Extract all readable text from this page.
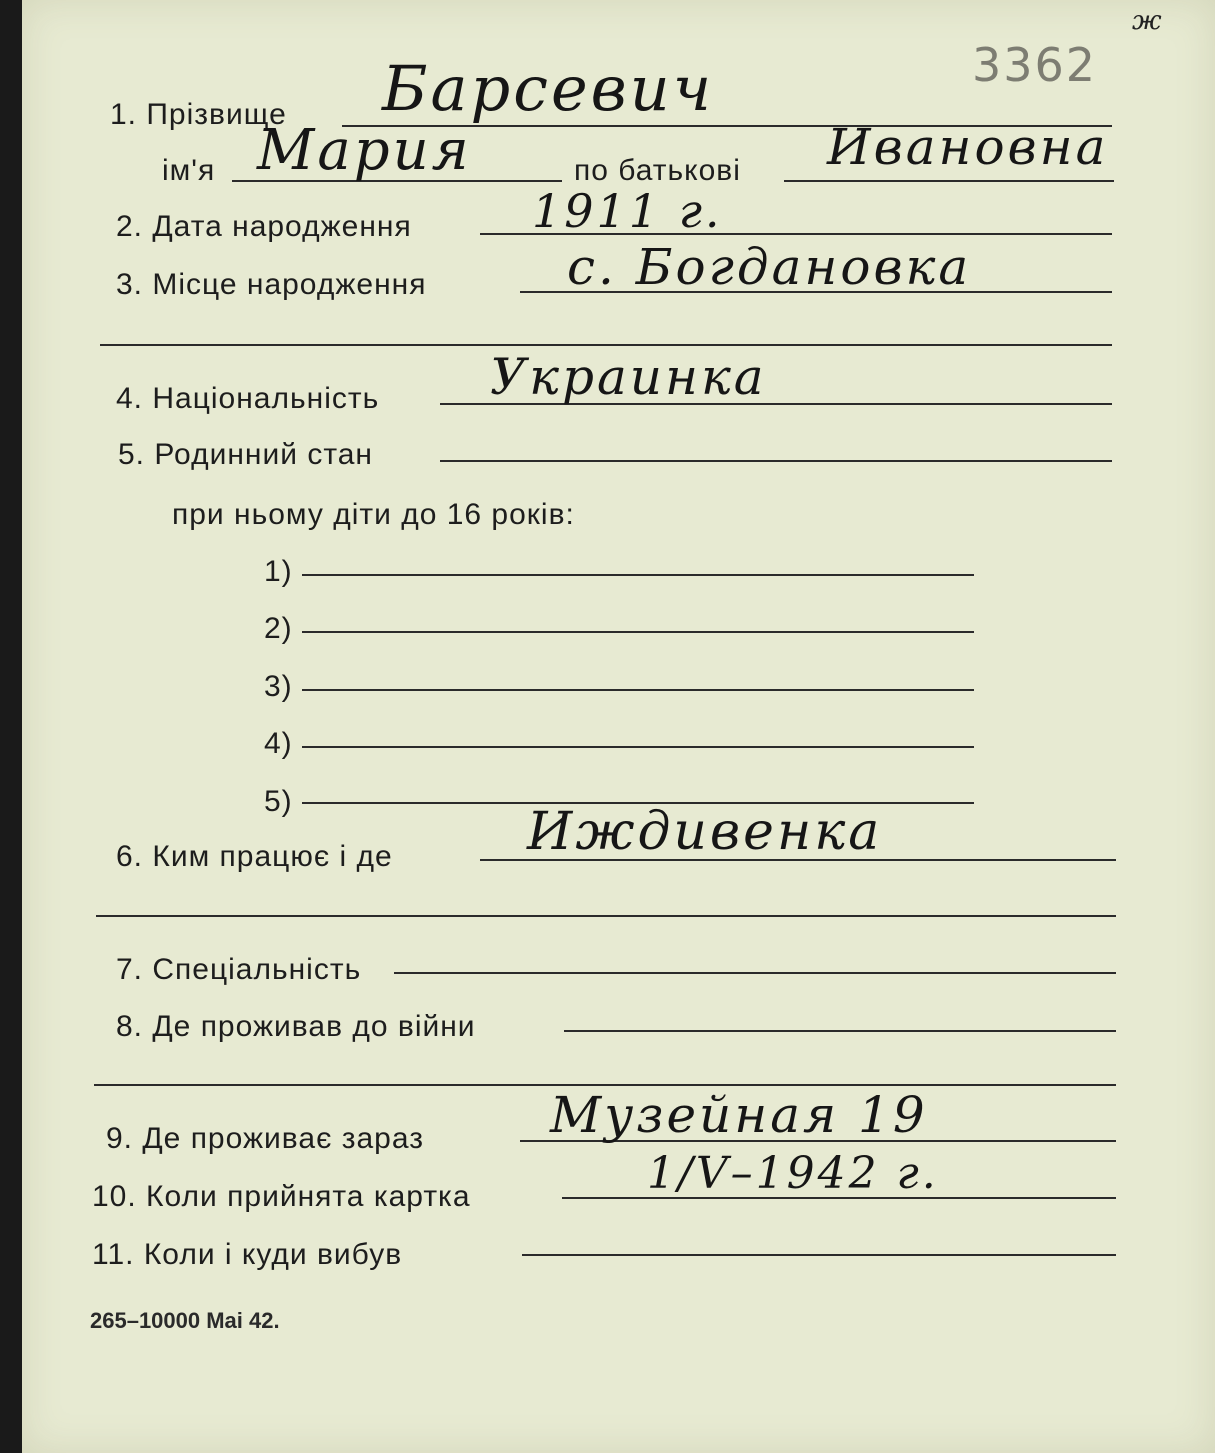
3362
ж
1. Прізвище Барсевич
ім'я Мария	по батькові Ивановна
2. Дата народження	1911 г.
3. Місце народження	с. Богдановка
4. Національність Украинка
5. Родинний стан
при ньому діти до 16 років:
1)
2)
3)
4)
5)
6. Ким працює і де	Иждивенка
7. Спеціальність
8. Де проживав до війни
9. Де проживає зараз	Музейная 19
10. Коли прийнята картка	1/V–1942 г.
11. Коли і куди вибув
265–10000 Mai 42.
